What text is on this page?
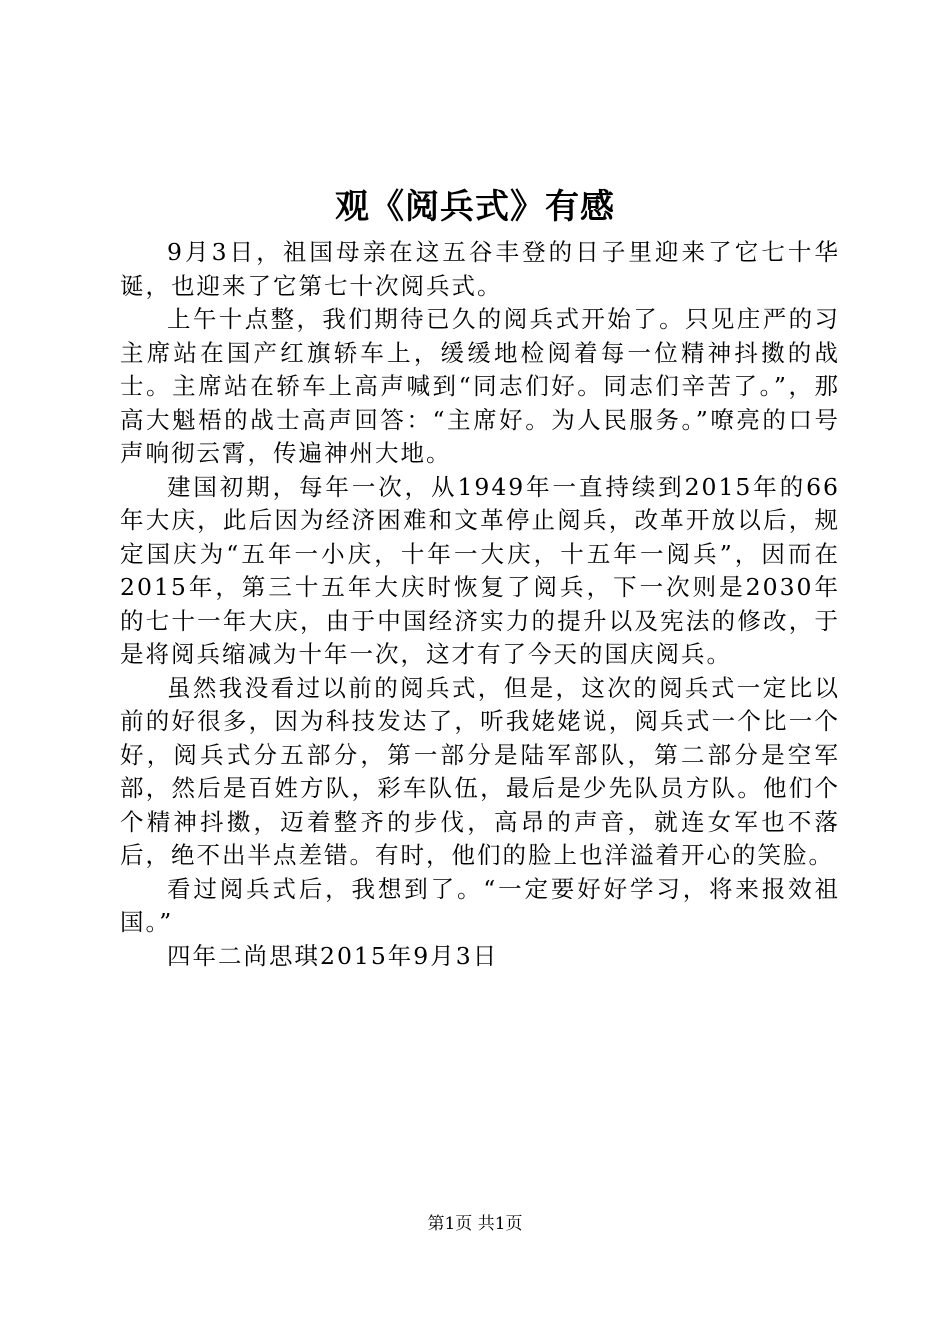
观《阅兵式》有感

9月3日，祖国母亲在这五谷丰登的日子里迎来了它七十华诞，也迎来了它第七十次阅兵式。

上午十点整，我们期待已久的阅兵式开始了。只见庄严的习主席站在国产红旗轿车上，缓缓地检阅着每一位精神抖擞的战士。主席站在轿车上高声喊到“同志们好。同志们辛苦了。”，那高大魁梧的战士高声回答：“主席好。为人民服务。”嘹亮的口号声响彻云霄，传遍神州大地。

建国初期，每年一次，从1949年一直持续到2015年的66年大庆，此后因为经济困难和文革停止阅兵，改革开放以后，规定国庆为“五年一小庆，十年一大庆，十五年一阅兵”，因而在2015年，第三十五年大庆时恢复了阅兵，下一次则是2030年的七十一年大庆，由于中国经济实力的提升以及宪法的修改，于是将阅兵缩减为十年一次，这才有了今天的国庆阅兵。

虽然我没看过以前的阅兵式，但是，这次的阅兵式一定比以前的好很多，因为科技发达了，听我姥姥说，阅兵式一个比一个好，阅兵式分五部分，第一部分是陆军部队，第二部分是空军部，然后是百姓方队，彩车队伍，最后是少先队员方队。他们个个精神抖擞，迈着整齐的步伐，高昂的声音，就连女军也不落后，绝不出半点差错。有时，他们的脸上也洋溢着开心的笑脸。

看过阅兵式后，我想到了。“一定要好好学习，将来报效祖国。”

四年二尚思琪2015年9月3日

第1页 共1页
